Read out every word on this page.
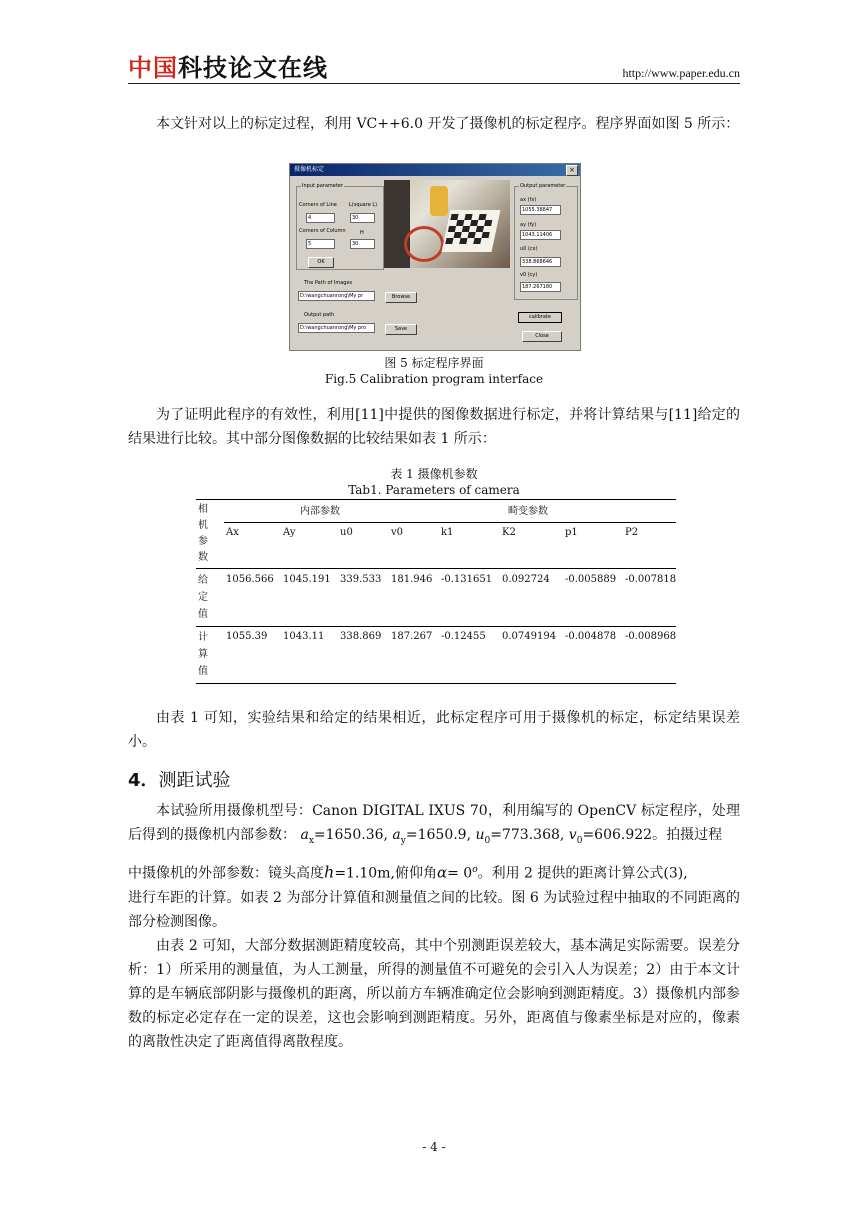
中国科技论文在线	http://www.paper.edu.cn
本文针对以上的标定过程，利用 VC++6.0 开发了摄像机的标定程序。程序界面如图 5 所示：
摄像机标定	×
Input parameter
Corners of Line L(square L)
4	30
Corners of Column	H
5	30
OK
The Path of Images
D:\wangchuanrong\My pr	Browse
Output path
D:\wangchuanrong\My pro	Save
Output parameter
ax (fx)
1055.38847
ay (fy)
1043.11406
u0 (cx)
338.868646
v0 (cy)
187.267180
calibrate
Close
图 5 标定程序界面
Fig.5 Calibration program interface
为了证明此程序的有效性，利用[11]中提供的图像数据进行标定，并将计算结果与[11]给定的结果进行比较。其中部分图像数据的比较结果如表 1 所示：
表 1 摄像机参数
Tab1. Parameters of camera
相机参数
内部参数	畸变参数
Ax	Ay	u0	v0	k1	K2	p1	P2
给定值
1056.566 1045.191 339.533 181.946 -0.131651 0.092724 -0.005889 -0.007818
计算值
1055.39 1043.11 338.869 187.267 -0.12455 0.0749194 -0.004878 -0.008968
由表 1 可知，实验结果和给定的结果相近，此标定程序可用于摄像机的标定，标定结果误差小。
4．测距试验
本试验所用摄像机型号：Canon DIGITAL IXUS 70，利用编写的 OpenCV 标定程序，处理后得到的摄像机内部参数： $a_x=1650.36$, $a_y=1650.9$, $u_0=773.368$, $v_0=606.922$。拍摄过程
中摄像机的外部参数：镜头高度h=1.10m,俯仰角$\alpha= 0^o$。利用 2 提供的距离计算公式(3),
进行车距的计算。如表 2 为部分计算值和测量值之间的比较。图 6 为试验过程中抽取的不同距离的部分检测图像。
由表 2 可知，大部分数据测距精度较高，其中个别测距误差较大，基本满足实际需要。误差分析：1）所采用的测量值，为人工测量，所得的测量值不可避免的会引入人为误差；2）由于本文计算的是车辆底部阴影与摄像机的距离，所以前方车辆准确定位会影响到测距精度。3）摄像机内部参数的标定必定存在一定的误差，这也会影响到测距精度。另外，距离值与像素坐标是对应的，像素的离散性决定了距离值得离散程度。
- 4 -
